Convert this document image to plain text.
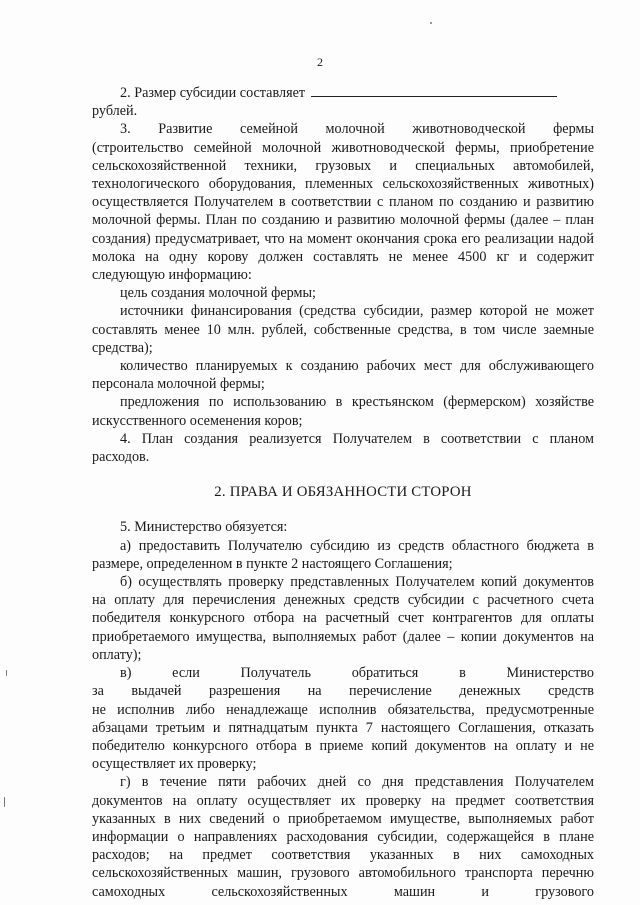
2

2. Размер субсидии составляет

рублей.

3. Развитие семейной молочной животноводческой фермы

(строительство семейной молочной животноводческой фермы, приобретение сельскохозяйственной техники, грузовых и специальных автомобилей, технологического оборудования, племенных сельскохозяйственных животных) осуществляется Получателем в соответствии с планом по созданию и развитию молочной фермы. План по созданию и развитию молочной фермы (далее – план создания) предусматривает, что на момент окончания срока его реализации надой молока на одну корову должен составлять не менее 4500 кг и содержит следующую информацию:

цель создания молочной фермы;

источники финансирования (средства субсидии, размер которой не может составлять менее 10 млн. рублей, собственные средства, в том числе заемные средства);

количество планируемых к созданию рабочих мест для обслуживающего персонала молочной фермы;

предложения по использованию в крестьянском (фермерском) хозяйстве искусственного осеменения коров;

4. План создания реализуется Получателем в соответствии с планом расходов.

2. ПРАВА И ОБЯЗАННОСТИ СТОРОН

5. Министерство обязуется:

а) предоставить Получателю субсидию из средств областного бюджета в размере, определенном в пункте 2 настоящего Соглашения;

б) осуществлять проверку представленных Получателем копий документов на оплату для перечисления денежных средств субсидии с расчетного счета победителя конкурсного отбора на расчетный счет контрагентов для оплаты приобретаемого имущества, выполняемых работ (далее – копии документов на оплату);

в) если Получатель обратиться в Министерство

за выдачей разрешения на перечисление денежных средств

не исполнив либо ненадлежаще исполнив обязательства, предусмотренные абзацами третьим и пятнадцатым пункта 7 настоящего Соглашения, отказать победителю конкурсного отбора в приеме копий документов на оплату и не осуществляет их проверку;

г) в течение пяти рабочих дней со дня представления Получателем документов на оплату осуществляет их проверку на предмет соответствия указанных в них сведений о приобретаемом имуществе, выполняемых работ информации о направлениях расходования субсидии, содержащейся в плане расходов; на предмет соответствия указанных в них самоходных сельскохозяйственных машин, грузового автомобильного транспорта перечню самоходных сельскохозяйственных машин и грузового
